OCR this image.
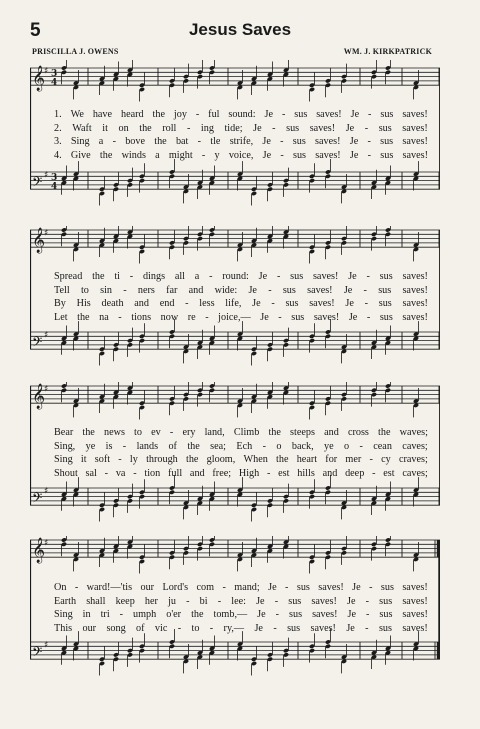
5	Jesus Saves
PRISCILLA J. OWENS	WM. J. KIRKPATRICK
𝄞
♯ 3
4
𝄢 ♯ 3
4
1. We have heard the joy - ful sound: Je - sus saves! Je - sus saves!
2. Waft it on the roll - ing tide; Je - sus saves! Je - sus saves!
3. Sing a - bove the bat - tle strife, Je - sus saves! Je - sus saves!
4. Give the winds a might - y voice, Je - sus saves! Je - sus saves!
𝄞
♯
𝄢 ♯
Spread the ti - dings all a - round: Je - sus saves! Je - sus saves!
Tell to sin - ners far and wide: Je - sus saves! Je - sus saves!
By His death and end - less life, Je - sus saves! Je - sus saves!
Let the na - tions now re - joice,— Je - sus saves! Je - sus saves!
𝄞
♯
𝄢 ♯
Bear the news to ev - ery land, Climb the steeps and cross the waves;
Sing, ye is - lands of the sea; Ech - o back, ye o - cean caves;
Sing it soft - ly through the gloom, When the heart for mer - cy craves;
Shout sal - va - tion full and free; High - est hills and deep - est caves;
𝄞
♯
𝄢 ♯
On - ward!—'tis our Lord's com - mand; Je - sus saves! Je - sus saves!
Earth shall keep her ju - bi - lee: Je - sus saves! Je - sus saves!
Sing in tri - umph o'er the tomb,— Je - sus saves! Je - sus saves!
This our song of vic - to - ry,— Je - sus saves! Je - sus saves!
